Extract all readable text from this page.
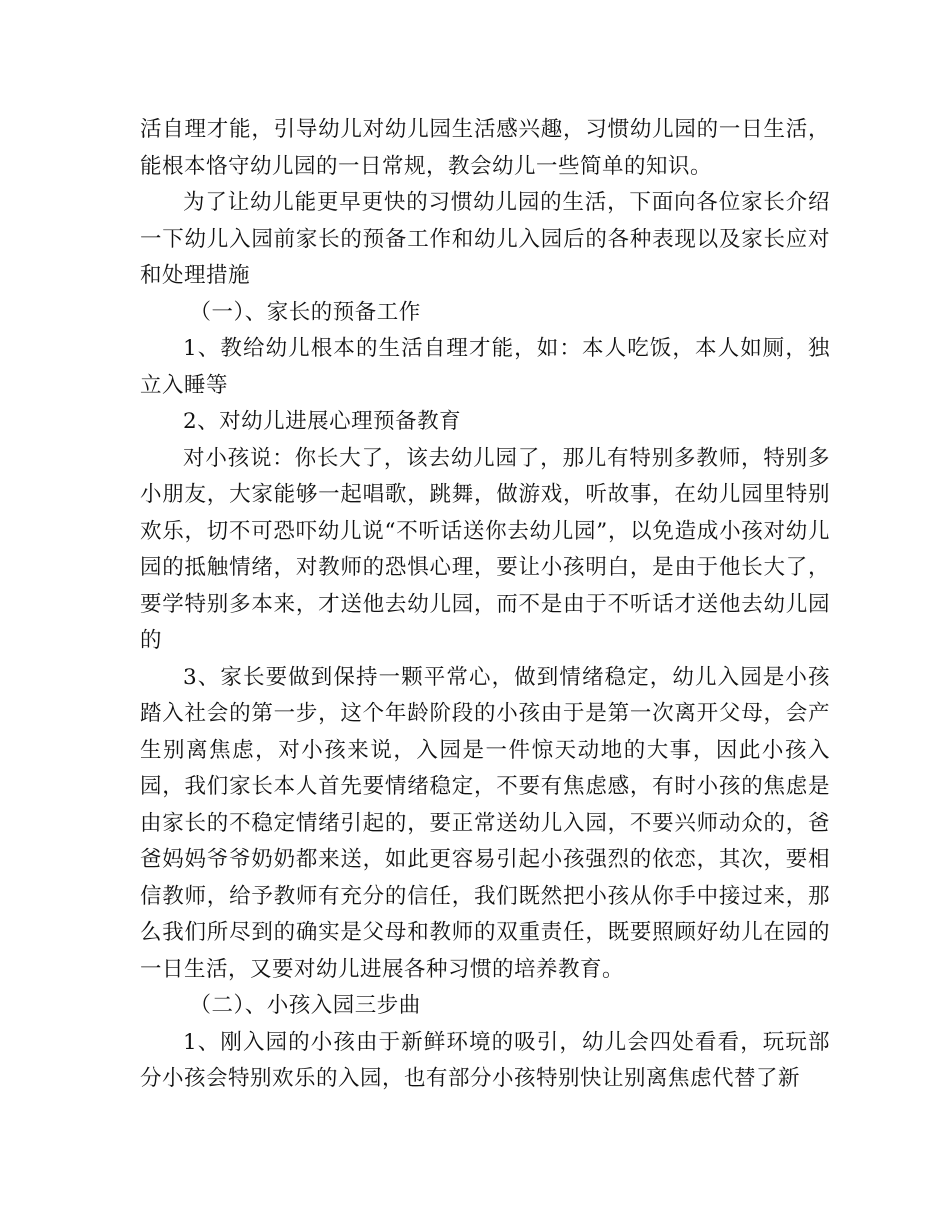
活自理才能，引导幼儿对幼儿园生活感兴趣，习惯幼儿园的一日生活，能根本恪守幼儿园的一日常规，教会幼儿一些简单的知识。

为了让幼儿能更早更快的习惯幼儿园的生活，下面向各位家长介绍一下幼儿入园前家长的预备工作和幼儿入园后的各种表现以及家长应对和处理措施

（一）、家长的预备工作

1、教给幼儿根本的生活自理才能，如：本人吃饭，本人如厕，独立入睡等

2、对幼儿进展心理预备教育

对小孩说：你长大了，该去幼儿园了，那儿有特别多教师，特别多小朋友，大家能够一起唱歌，跳舞，做游戏，听故事，在幼儿园里特别欢乐，切不可恐吓幼儿说“不听话送你去幼儿园”，以免造成小孩对幼儿园的抵触情绪，对教师的恐惧心理，要让小孩明白，是由于他长大了，要学特别多本来，才送他去幼儿园，而不是由于不听话才送他去幼儿园的

3、家长要做到保持一颗平常心，做到情绪稳定，幼儿入园是小孩踏入社会的第一步，这个年龄阶段的小孩由于是第一次离开父母，会产生别离焦虑，对小孩来说，入园是一件惊天动地的大事，因此小孩入园，我们家长本人首先要情绪稳定，不要有焦虑感，有时小孩的焦虑是由家长的不稳定情绪引起的，要正常送幼儿入园，不要兴师动众的，爸爸妈妈爷爷奶奶都来送，如此更容易引起小孩强烈的依恋，其次，要相信教师，给予教师有充分的信任，我们既然把小孩从你手中接过来，那么我们所尽到的确实是父母和教师的双重责任，既要照顾好幼儿在园的一日生活，又要对幼儿进展各种习惯的培养教育。

（二）、小孩入园三步曲

1、刚入园的小孩由于新鲜环境的吸引，幼儿会四处看看，玩玩部分小孩会特别欢乐的入园，也有部分小孩特别快让别离焦虑代替了新
